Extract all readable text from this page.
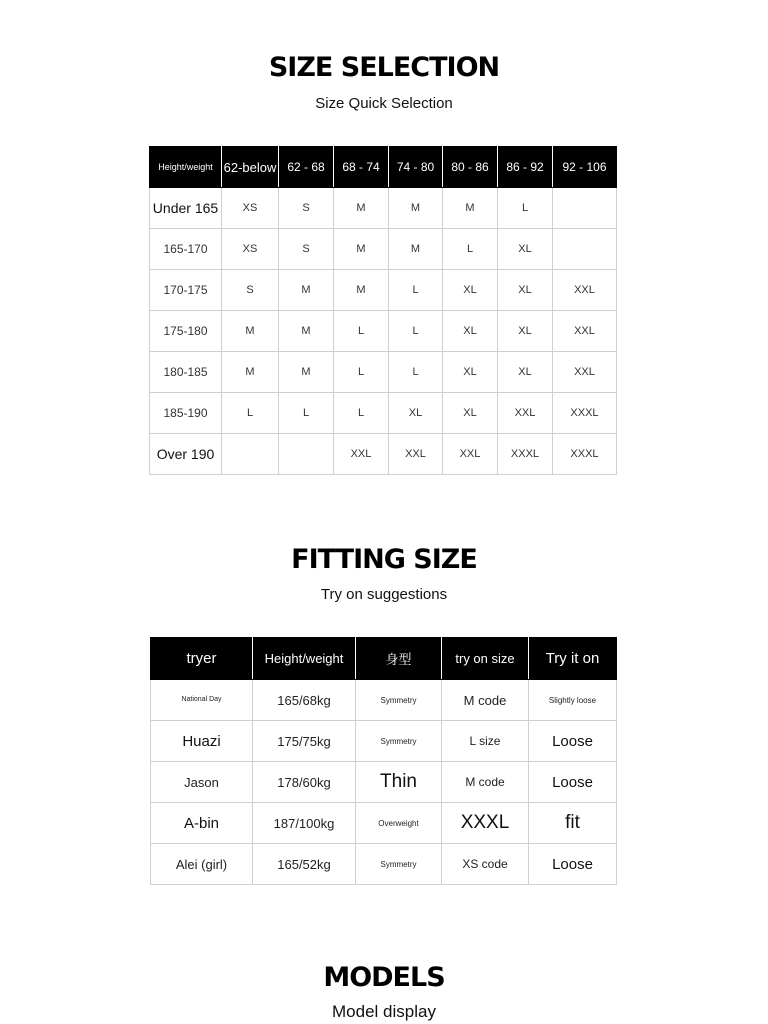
SIZE SELECTION
Size Quick Selection
Height/weight	62-below	62 - 68	68 - 74	74 - 80	80 - 86	86 - 92	92 - 106
Under 165	XS	S	M	M	M	L	
165-170	XS	S	M	M	L	XL	
170-175	S	M	M	L	XL	XL	XXL
175-180	M	M	L	L	XL	XL	XXL
180-185	M	M	L	L	XL	XL	XXL
185-190	L	L	L	XL	XL	XXL	XXXL
Over 190			XXL	XXL	XXL	XXXL	XXXL
FITTING SIZE
Try on suggestions
tryer	Height/weight	身型	try on size	Try it on
National Day	165/68kg	Symmetry	M code	Slightly loose
Huazi	175/75kg	Symmetry	L size	Loose
Jason	178/60kg	Thin	M code	Loose
A-bin	187/100kg	Overweight	XXXL	fit
Alei (girl)	165/52kg	Symmetry	XS code	Loose
MODELS
Model display
